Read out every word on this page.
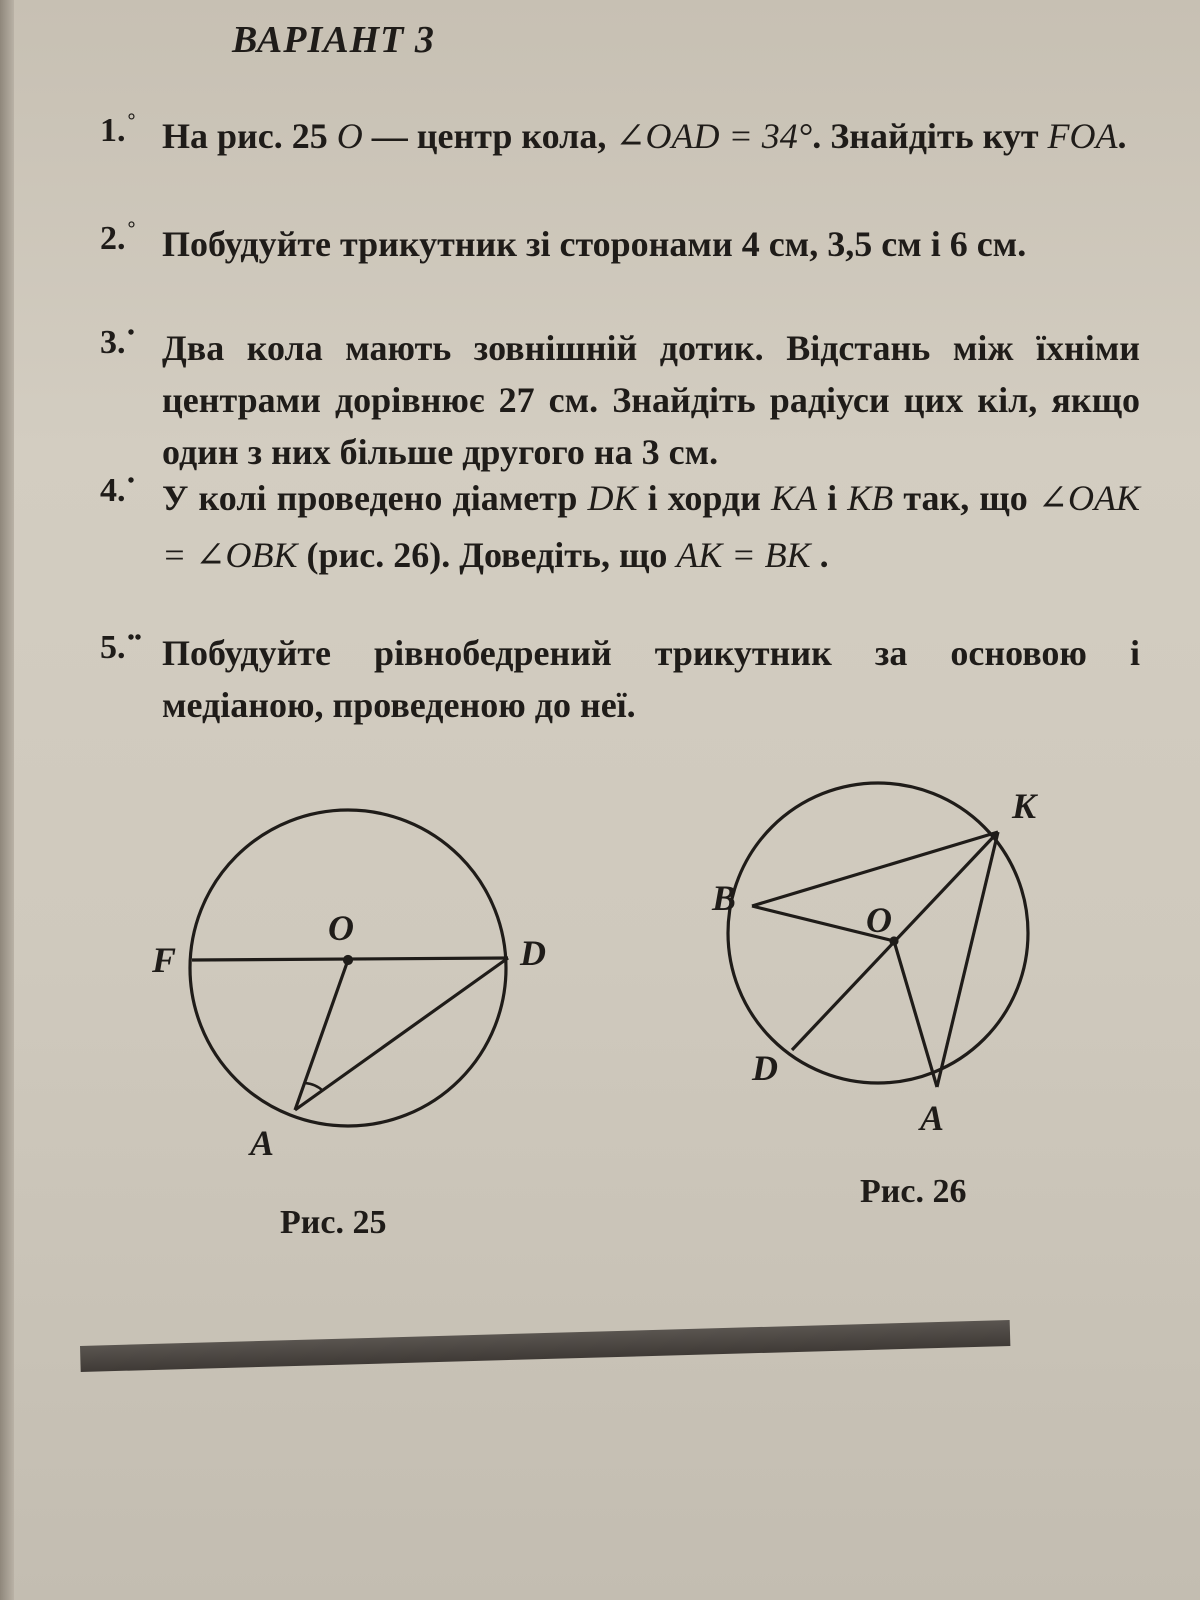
ВАРІАНТ 3
1. ° На рис. 25 O — центр кола, ∠OAD = 34°. Знайдіть кут FOA.
2. ° Побудуйте трикутник зі сторонами 4 см, 3,5 см і 6 см.
3. • Два кола мають зовнішній дотик. Відстань між їхніми центрами дорівнює 27 см. Знайдіть радіуси цих кіл, якщо один з них більше другого на 3 см.
4. • У колі проведено діаметр DK і хорди KA і KB так, що ∠OAK = ∠OBK (рис. 26). Доведіть, що AK = BK .
5. •• Побудуйте рівнобедрений трикутник за основою і медіаною, проведеною до неї.
O
F	D
A
Рис. 25
K
B
O
D
A
Рис. 26
